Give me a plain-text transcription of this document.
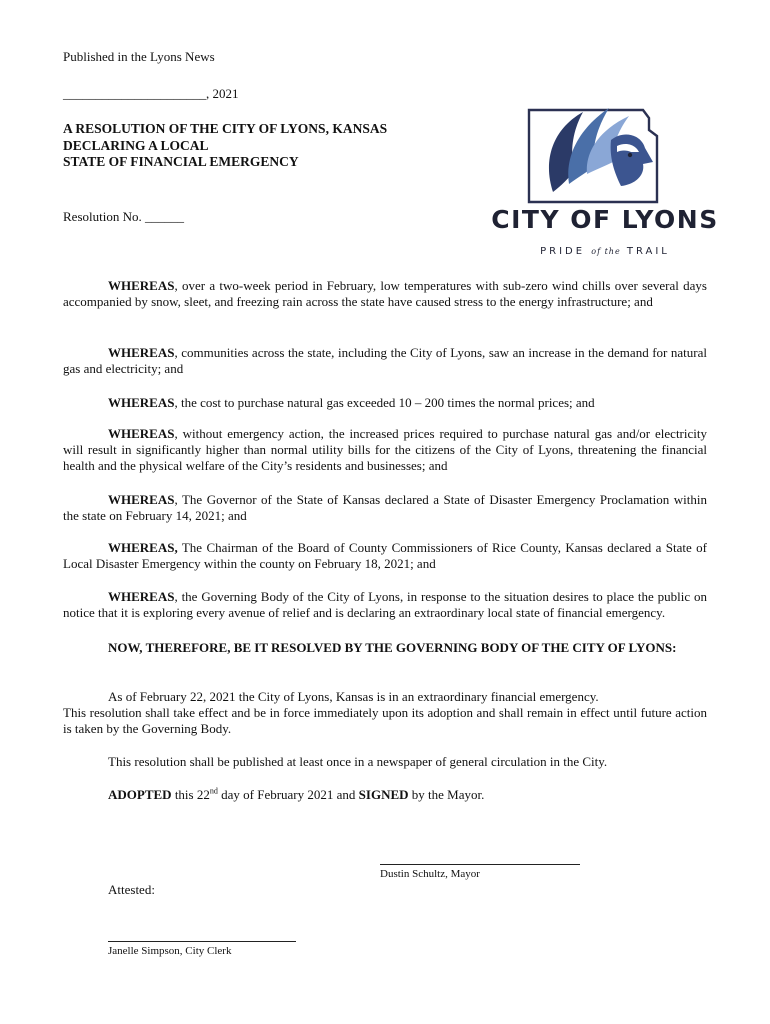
Published in the Lyons News
______________________, 2021
A RESOLUTION OF THE CITY OF LYONS, KANSAS
DECLARING A LOCAL
STATE OF FINANCIAL EMERGENCY
Resolution No. ______	CITY OF LYONS
PRIDE of the TRAIL
WHEREAS, over a two-week period in February, low temperatures with sub-zero wind chills over several days accompanied by snow, sleet, and freezing rain across the state have caused stress to the energy infrastructure; and
WHEREAS, communities across the state, including the City of Lyons, saw an increase in the demand for natural gas and electricity; and
WHEREAS, the cost to purchase natural gas exceeded 10 – 200 times the normal prices; and
WHEREAS, without emergency action, the increased prices required to purchase natural gas and/or electricity will result in significantly higher than normal utility bills for the citizens of the City of Lyons, threatening the financial health and the physical welfare of the City’s residents and businesses; and
WHEREAS, The Governor of the State of Kansas declared a State of Disaster Emergency Proclamation within the state on February 14, 2021; and
WHEREAS, The Chairman of the Board of County Commissioners of Rice County, Kansas declared a State of Local Disaster Emergency within the county on February 18, 2021; and
WHEREAS, the Governing Body of the City of Lyons, in response to the situation desires to place the public on notice that it is exploring every avenue of relief and is declaring an extraordinary local state of financial emergency.
NOW, THEREFORE, BE IT RESOLVED BY THE GOVERNING BODY OF THE CITY OF LYONS:
As of February 22, 2021 the City of Lyons, Kansas is in an extraordinary financial emergency.
This resolution shall take effect and be in force immediately upon its adoption and shall remain in effect until future action is taken by the Governing Body.
This resolution shall be published at least once in a newspaper of general circulation in the City.
ADOPTED this 22nd day of February 2021 and SIGNED by the Mayor.
Dustin Schultz, Mayor
Attested:
Janelle Simpson, City Clerk
